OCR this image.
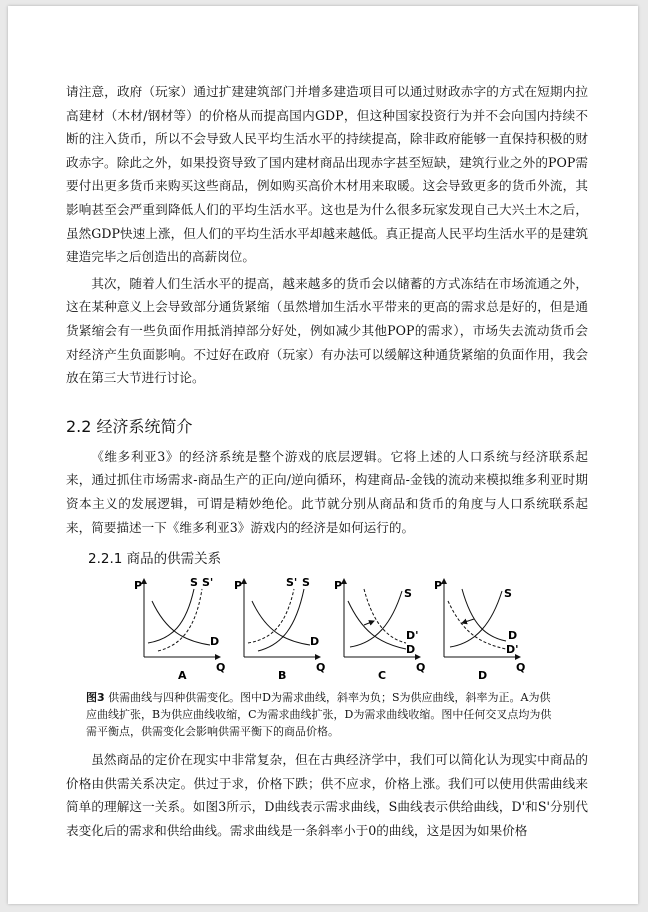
请注意，政府（玩家）通过扩建建筑部门并增多建造项目可以通过财政赤字的方式在短期内拉高建材（木材/钢材等）的价格从而提高国内GDP，但这种国家投资行为并不会向国内持续不断的注入货币，所以不会导致人民平均生活水平的持续提高，除非政府能够一直保持积极的财政赤字。除此之外，如果投资导致了国内建材商品出现赤字甚至短缺，建筑行业之外的POP需要付出更多货币来购买这些商品，例如购买高价木材用来取暖。这会导致更多的货币外流，其影响甚至会严重到降低人们的平均生活水平。这也是为什么很多玩家发现自己大兴土木之后，虽然GDP快速上涨，但人们的平均生活水平却越来越低。真正提高人民平均生活水平的是建筑建造完毕之后创造出的高薪岗位。

其次，随着人们生活水平的提高，越来越多的货币会以储蓄的方式冻结在市场流通之外，这在某种意义上会导致部分通货紧缩（虽然增加生活水平带来的更高的需求总是好的，但是通货紧缩会有一些负面作用抵消掉部分好处，例如减少其他POP的需求），市场失去流动货币会对经济产生负面影响。不过好在政府（玩家）有办法可以缓解这种通货紧缩的负面作用，我会放在第三大节进行讨论。

2.2 经济系统简介

《维多利亚3》的经济系统是整个游戏的底层逻辑。它将上述的人口系统与经济联系起来，通过抓住市场需求-商品生产的正向/逆向循环，构建商品-金钱的流动来模拟维多利亚时期资本主义的发展逻辑，可谓是精妙绝伦。此节就分别从商品和货币的角度与人口系统联系起来，简要描述一下《维多利亚3》游戏内的经济是如何运行的。

2.2.1 商品的供需关系
P
Q
S S'
D
A
P
Q
S' S
D
B
P
Q
S
D'
D
C
P
Q
S
D
D'
D

图3 供需曲线与四种供需变化。图中D为需求曲线，斜率为负；S为供应曲线，斜率为正。A为供应曲线扩张，B为供应曲线收缩，C为需求曲线扩张，D为需求曲线收缩。图中任何交叉点均为供需平衡点，供需变化会影响供需平衡下的商品价格。

虽然商品的定价在现实中非常复杂，但在古典经济学中，我们可以简化认为现实中商品的价格由供需关系决定。供过于求，价格下跌；供不应求，价格上涨。我们可以使用供需曲线来简单的理解这一关系。如图3所示，D曲线表示需求曲线，S曲线表示供给曲线，D'和S'分别代表变化后的需求和供给曲线。需求曲线是一条斜率小于0的曲线，这是因为如果价格
